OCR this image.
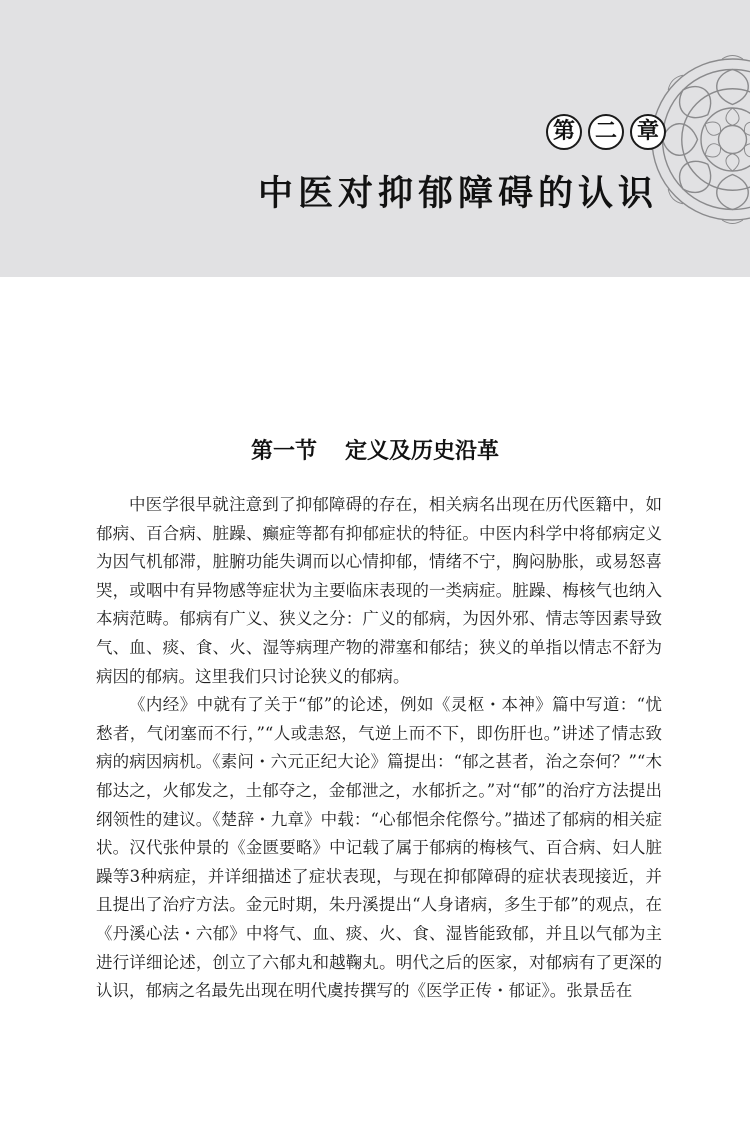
第 二 章
中医对抑郁障碍的认识
第一节 定义及历史沿革

中医学很早就注意到了抑郁障碍的存在，相关病名出现在历代医籍中，如郁病、百合病、脏躁、癫症等都有抑郁症状的特征。中医内科学中将郁病定义为因气机郁滞，脏腑功能失调而以心情抑郁，情绪不宁，胸闷胁胀，或易怒喜哭，或咽中有异物感等症状为主要临床表现的一类病症。脏躁、梅核气也纳入本病范畴。郁病有广义、狭义之分：广义的郁病，为因外邪、情志等因素导致气、血、痰、食、火、湿等病理产物的滞塞和郁结；狭义的单指以情志不舒为病因的郁病。这里我们只讨论狭义的郁病。

《内经》中就有了关于“郁”的论述，例如《灵枢・本神》篇中写道：“忧愁者，气闭塞而不行，”“人或恚怒，气逆上而不下，即伤肝也。”讲述了情志致病的病因病机。《素问・六元正纪大论》篇提出：“郁之甚者，治之奈何？”“木郁达之，火郁发之，土郁夺之，金郁泄之，水郁折之。”对“郁”的治疗方法提出纲领性的建议。《楚辞・九章》中载：“心郁悒余侘傺兮。”描述了郁病的相关症状。汉代张仲景的《金匮要略》中记载了属于郁病的梅核气、百合病、妇人脏躁等3种病症，并详细描述了症状表现，与现在抑郁障碍的症状表现接近，并且提出了治疗方法。金元时期，朱丹溪提出“人身诸病，多生于郁”的观点，在《丹溪心法・六郁》中将气、血、痰、火、食、湿皆能致郁，并且以气郁为主进行详细论述，创立了六郁丸和越鞠丸。明代之后的医家，对郁病有了更深的认识，郁病之名最先出现在明代虞抟撰写的《医学正传・郁证》。张景岳在
